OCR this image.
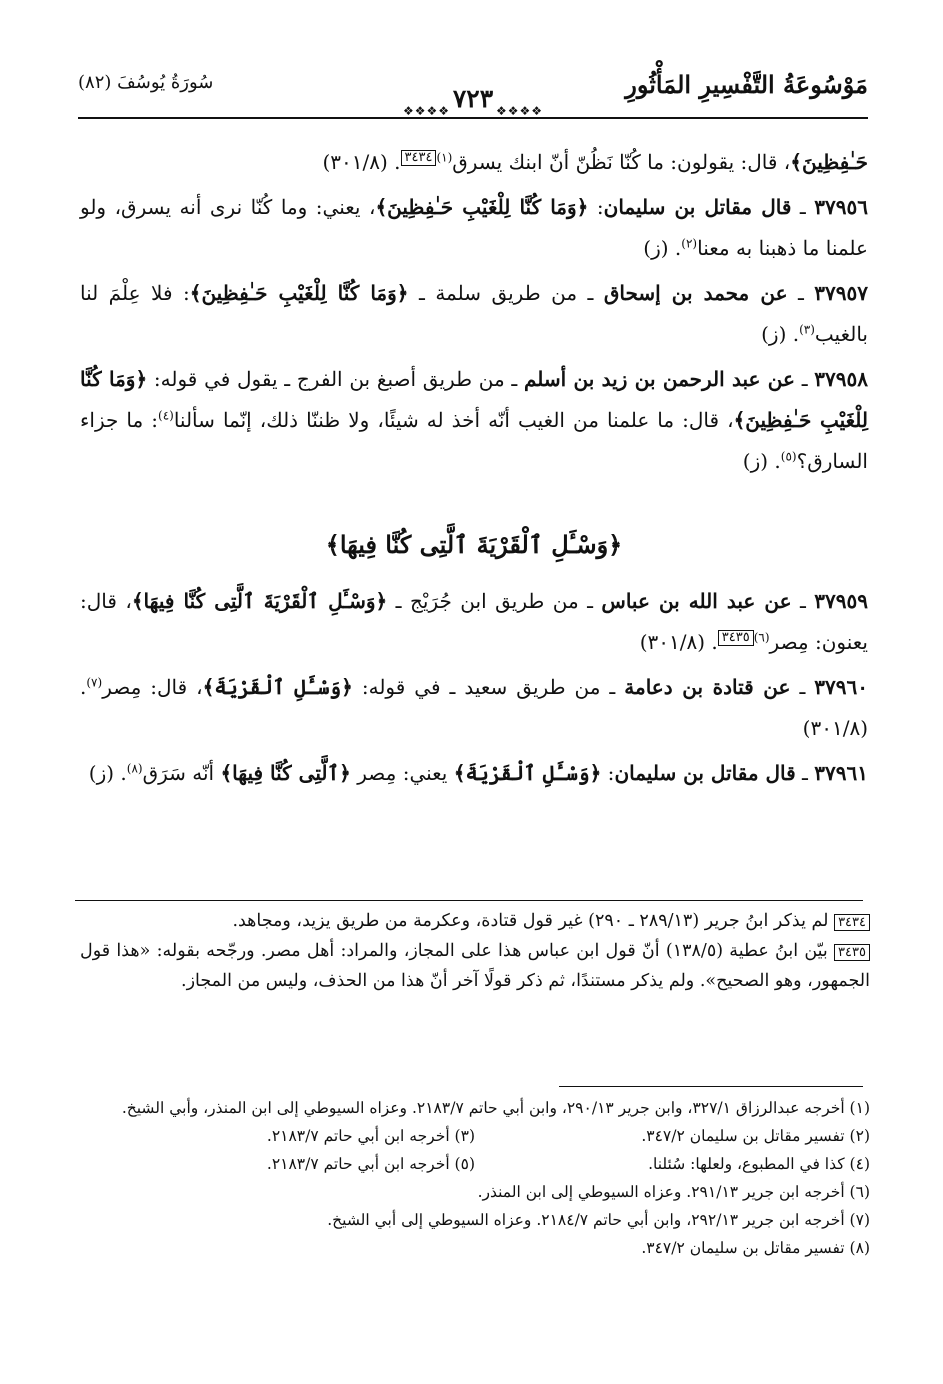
مَوْسُوعَةُ التَّفْسِيرِ المَأْثُورِ
❖❖❖❖
٧٢٣
❖❖❖❖
سُورَةُ يُوسُفَ (٨٢)

حَـٰفِظِينَ﴾، قال: يقولون: ما كُنّا نَظُنّ أنّ ابنك يسرق$^{(١)}$٣٤٣٤. (٨/‏٣٠١)

٣٧٩٥٦ ـ قال مقاتل بن سليمان: ﴿وَمَا كُنَّا لِلْغَيْبِ حَـٰفِظِينَ﴾، يعني: وما كُنّا نرى أنه يسرق، ولو علمنا ما ذهبنا به معنا$^{(٢)}$. (ز)

٣٧٩٥٧ ـ عن محمد بن إسحاق ـ من طريق سلمة ـ ﴿وَمَا كُنَّا لِلْغَيْبِ حَـٰفِظِينَ﴾: فلا عِلْمَ لنا بالغيب$^{(٣)}$. (ز)

٣٧٩٥٨ ـ عن عبد الرحمن بن زيد بن أسلم ـ من طريق أصبغ بن الفرج ـ يقول في قوله: ﴿وَمَا كُنَّا لِلْغَيْبِ حَـٰفِظِينَ﴾، قال: ما علمنا من الغيب أنّه أخذ له شيئًا، ولا ظننّا ذلك، إنّما سألنا$^{(٤)}$: ما جزاء السارق؟$^{(٥)}$. (ز)

﴿وَسْـَٔلِ ٱلْقَرْيَةَ ٱلَّتِى كُنَّا فِيهَا﴾

٣٧٩٥٩ ـ عن عبد الله بن عباس ـ من طريق ابن جُرَيْج ـ ﴿وَسْـَٔلِ ٱلْقَرْيَةَ ٱلَّتِى كُنَّا فِيهَا﴾، قال: يعنون: مِصر$^{(٦)}$٣٤٣٥. (٨/‏٣٠١)

٣٧٩٦٠ ـ عن قتادة بن دعامة ـ من طريق سعيد ـ في قوله: ﴿وَسْـَٔلِ ٱلْقَرْيَةَ﴾، قال: مِصر$^{(٧)}$. (٨/‏٣٠١)

٣٧٩٦١ ـ قال مقاتل بن سليمان: ﴿وَسْـَٔلِ ٱلْقَرْيَةَ﴾ يعني: مِصر ﴿ٱلَّتِى كُنَّا فِيهَا﴾ أنّه سَرَق$^{(٨)}$. (ز)

٣٤٣٤ لم يذكر ابنُ جرير (١٣/‏٢٨٩ ـ ٢٩٠) غير قول قتادة، وعكرمة من طريق يزيد، ومجاهد.

٣٤٣٥ بيّن ابنُ عطية (٥/‏١٣٨) أنّ قول ابن عباس هذا على المجاز، والمراد: أهل مصر. ورجّحه بقوله: «هذا قول الجمهور، وهو الصحيح». ولم يذكر مستندًا، ثم ذكر قولًا آخر أنّ هذا من الحذف، وليس من المجاز.

(١) أخرجه عبدالرزاق ١/‏٣٢٧، وابن جرير ١٣/‏٢٩٠، وابن أبي حاتم ٧/‏٢١٨٣. وعزاه السيوطي إلى ابن المنذر، وأبي الشيخ.

(٢) تفسير مقاتل بن سليمان ٢/‏٣٤٧.

(٣) أخرجه ابن أبي حاتم ٧/‏٢١٨٣.

(٤) كذا في المطبوع، ولعلها: سُئلنا.

(٥) أخرجه ابن أبي حاتم ٧/‏٢١٨٣.

(٦) أخرجه ابن جرير ١٣/‏٢٩١. وعزاه السيوطي إلى ابن المنذر.

(٧) أخرجه ابن جرير ١٣/‏٢٩٢، وابن أبي حاتم ٧/‏٢١٨٤. وعزاه السيوطي إلى أبي الشيخ.

(٨) تفسير مقاتل بن سليمان ٢/‏٣٤٧.
